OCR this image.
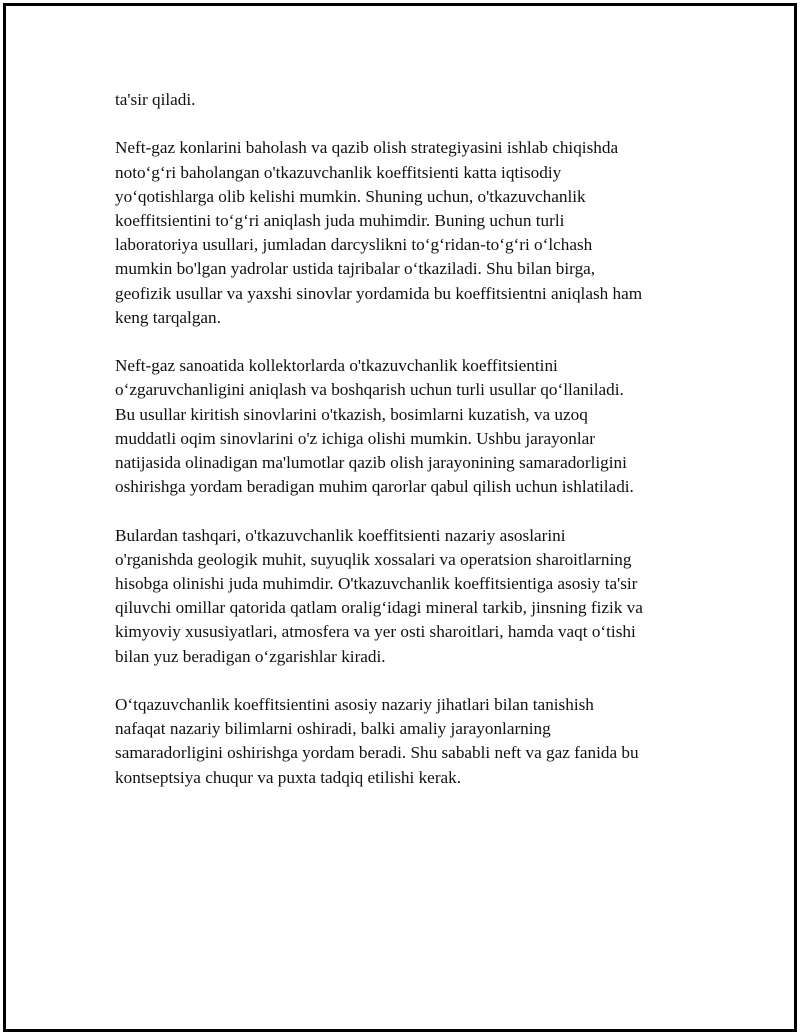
ta'sir qiladi.

Neft-gaz konlarini baholash va qazib olish strategiyasini ishlab chiqishda
noto‘g‘ri baholangan o'tkazuvchanlik koeffitsienti katta iqtisodiy
yo‘qotishlarga olib kelishi mumkin. Shuning uchun, o'tkazuvchanlik
koeffitsientini to‘g‘ri aniqlash juda muhimdir. Buning uchun turli
laboratoriya usullari, jumladan darcyslikni to‘g‘ridan-to‘g‘ri o‘lchash
mumkin bo'lgan yadrolar ustida tajribalar o‘tkaziladi. Shu bilan birga,
geofizik usullar va yaxshi sinovlar yordamida bu koeffitsientni aniqlash ham
keng tarqalgan.

Neft-gaz sanoatida kollektorlarda o'tkazuvchanlik koeffitsientini
o‘zgaruvchanligini aniqlash va boshqarish uchun turli usullar qo‘llaniladi.
Bu usullar kiritish sinovlarini o'tkazish, bosimlarni kuzatish, va uzoq
muddatli oqim sinovlarini o'z ichiga olishi mumkin. Ushbu jarayonlar
natijasida olinadigan ma'lumotlar qazib olish jarayonining samaradorligini
oshirishga yordam beradigan muhim qarorlar qabul qilish uchun ishlatiladi.

Bulardan tashqari, o'tkazuvchanlik koeffitsienti nazariy asoslarini
o'rganishda geologik muhit, suyuqlik xossalari va operatsion sharoitlarning
hisobga olinishi juda muhimdir. O'tkazuvchanlik koeffitsientiga asosiy ta'sir
qiluvchi omillar qatorida qatlam oralig‘idagi mineral tarkib, jinsning fizik va
kimyoviy xususiyatlari, atmosfera va yer osti sharoitlari, hamda vaqt o‘tishi
bilan yuz beradigan o‘zgarishlar kiradi.

O‘tqazuvchanlik koeffitsientini asosiy nazariy jihatlari bilan tanishish
nafaqat nazariy bilimlarni oshiradi, balki amaliy jarayonlarning
samaradorligini oshirishga yordam beradi. Shu sababli neft va gaz fanida bu
kontseptsiya chuqur va puxta tadqiq etilishi kerak.
